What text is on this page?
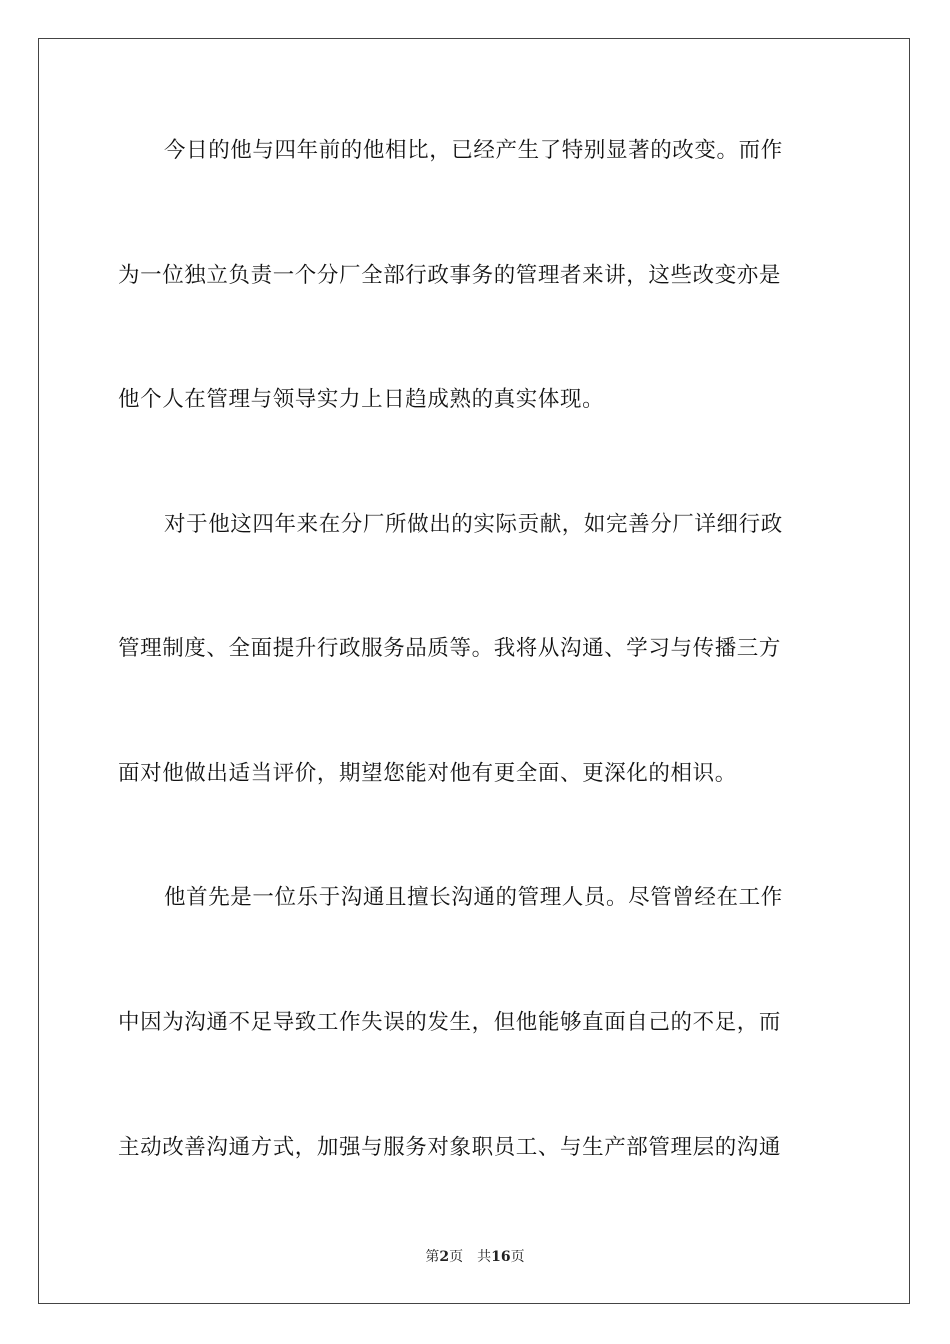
今日的他与四年前的他相比，已经产生了特别显著的改变。而作

为一位独立负责一个分厂全部行政事务的管理者来讲，这些改变亦是

他个人在管理与领导实力上日趋成熟的真实体现。

对于他这四年来在分厂所做出的实际贡献，如完善分厂详细行政

管理制度、全面提升行政服务品质等。我将从沟通、学习与传播三方

面对他做出适当评价，期望您能对他有更全面、更深化的相识。

他首先是一位乐于沟通且擅长沟通的管理人员。尽管曾经在工作

中因为沟通不足导致工作失误的发生，但他能够直面自己的不足，而

主动改善沟通方式，加强与服务对象职员工、与生产部管理层的沟通

第2页 共16页
